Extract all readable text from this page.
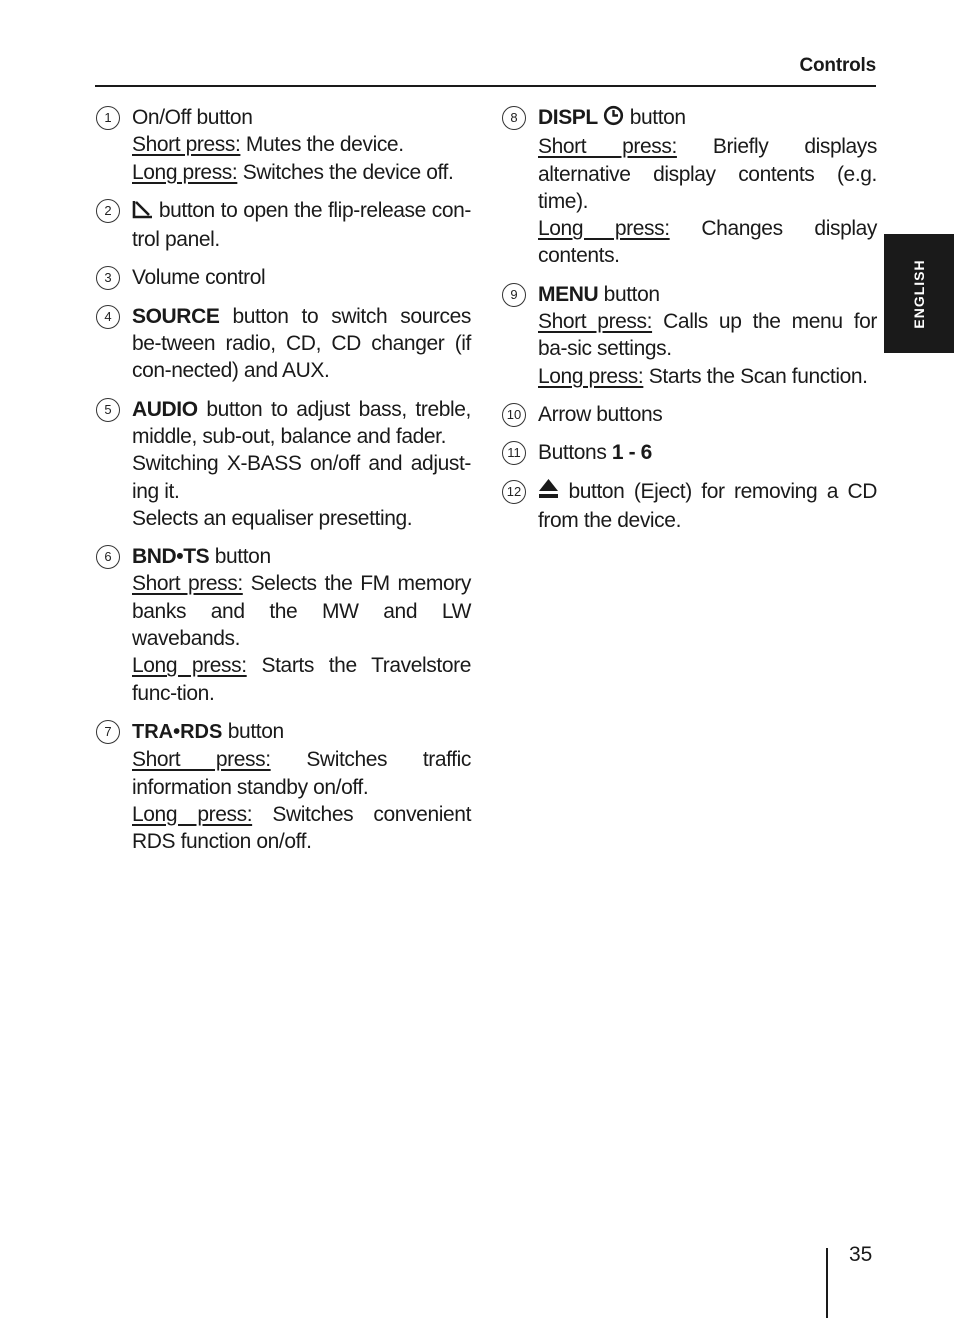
Controls
1 On/Off button
Short press: Mutes the device.
Long press: Switches the device off.
2	button to open the flip-release con-trol panel.
3 Volume control
4 SOURCE button to switch sources be-tween radio, CD, CD changer (if con-nected) and AUX.
5 AUDIO button to adjust bass, treble, middle, sub-out, balance and fader.
Switching X-BASS on/off and adjust-ing it.
Selects an equaliser presetting.
6 BND•TS button
Short press: Selects the FM memory banks and the MW and LW wavebands.
Long press: Starts the Travelstore func-tion.
7	TRA•RDS button
Short press: Switches traffic information standby on/off.
Long press: Switches convenient RDS function on/off.
8 DISPL  button
Short press: Briefly displays alternative display contents (e.g. time).
Long press: Changes display contents.
9 MENU button
Short press: Calls up the menu for ba-sic settings.
Long press: Starts the Scan function.
10 Arrow buttons
11 Buttons 1 - 6
12	button (Eject) for removing a CD from the device.
ENGLISH
35
